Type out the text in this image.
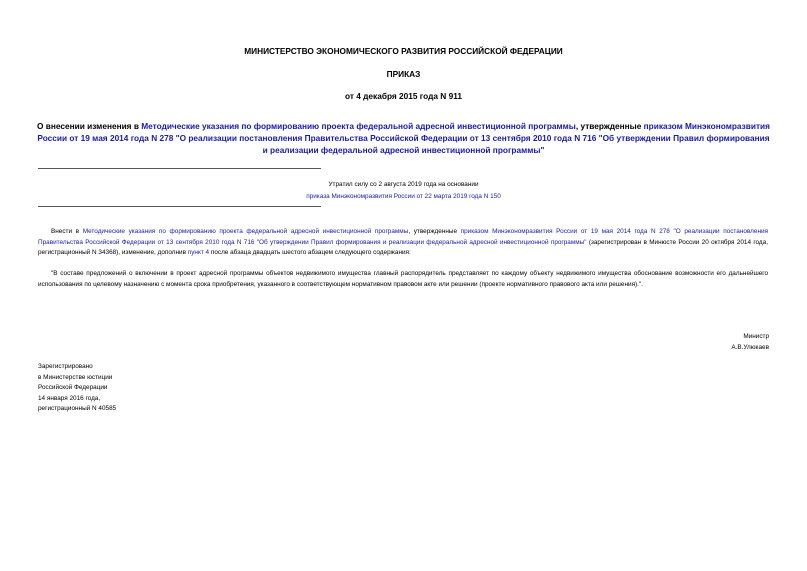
МИНИСТЕРСТВО ЭКОНОМИЧЕСКОГО РАЗВИТИЯ РОССИЙСКОЙ ФЕДЕРАЦИИ
ПРИКАЗ
от 4 декабря 2015 года N 911
О внесении изменения в Методические указания по формированию проекта федеральной адресной инвестиционной программы, утвержденные приказом Минэкономразвития России от 19 мая 2014 года N 278 "О реализации постановления Правительства Российской Федерации от 13 сентября 2010 года N 716 "Об утверждении Правил формирования и реализации федеральной адресной инвестиционной программы"
Утратил силу со 2 августа 2019 года на основании
приказа Минэкономразвития России от 22 марта 2019 года N 150
Внести в Методические указания по формированию проекта федеральной адресной инвестиционной программы, утвержденные приказом Минэкономразвития России от 19 мая 2014 года N 278 "О реализации постановления Правительства Российской Федерации от 13 сентября 2010 года N 716 "Об утверждении Правил формирования и реализации федеральной адресной инвестиционной программы" (зарегистрирован в Минюсте России 20 октября 2014 года, регистрационный N 34368), изменение, дополнив пункт 4 после абзаца двадцать шестого абзацем следующего содержания:
"В составе предложений о включении в проект адресной программы объектов недвижимого имущества главный распорядитель представляет по каждому объекту недвижимого имущества обоснование возможности его дальнейшего использования по целевому назначению с момента срока приобретения, указанного в соответствующем нормативном правовом акте или решении (проекте нормативного правового акта или решения).".
Министр
А.В.Улюкаев
Зарегистрировано
в Министерстве юстиции
Российской Федерации
14 января 2016 года,
регистрационный N 40585
